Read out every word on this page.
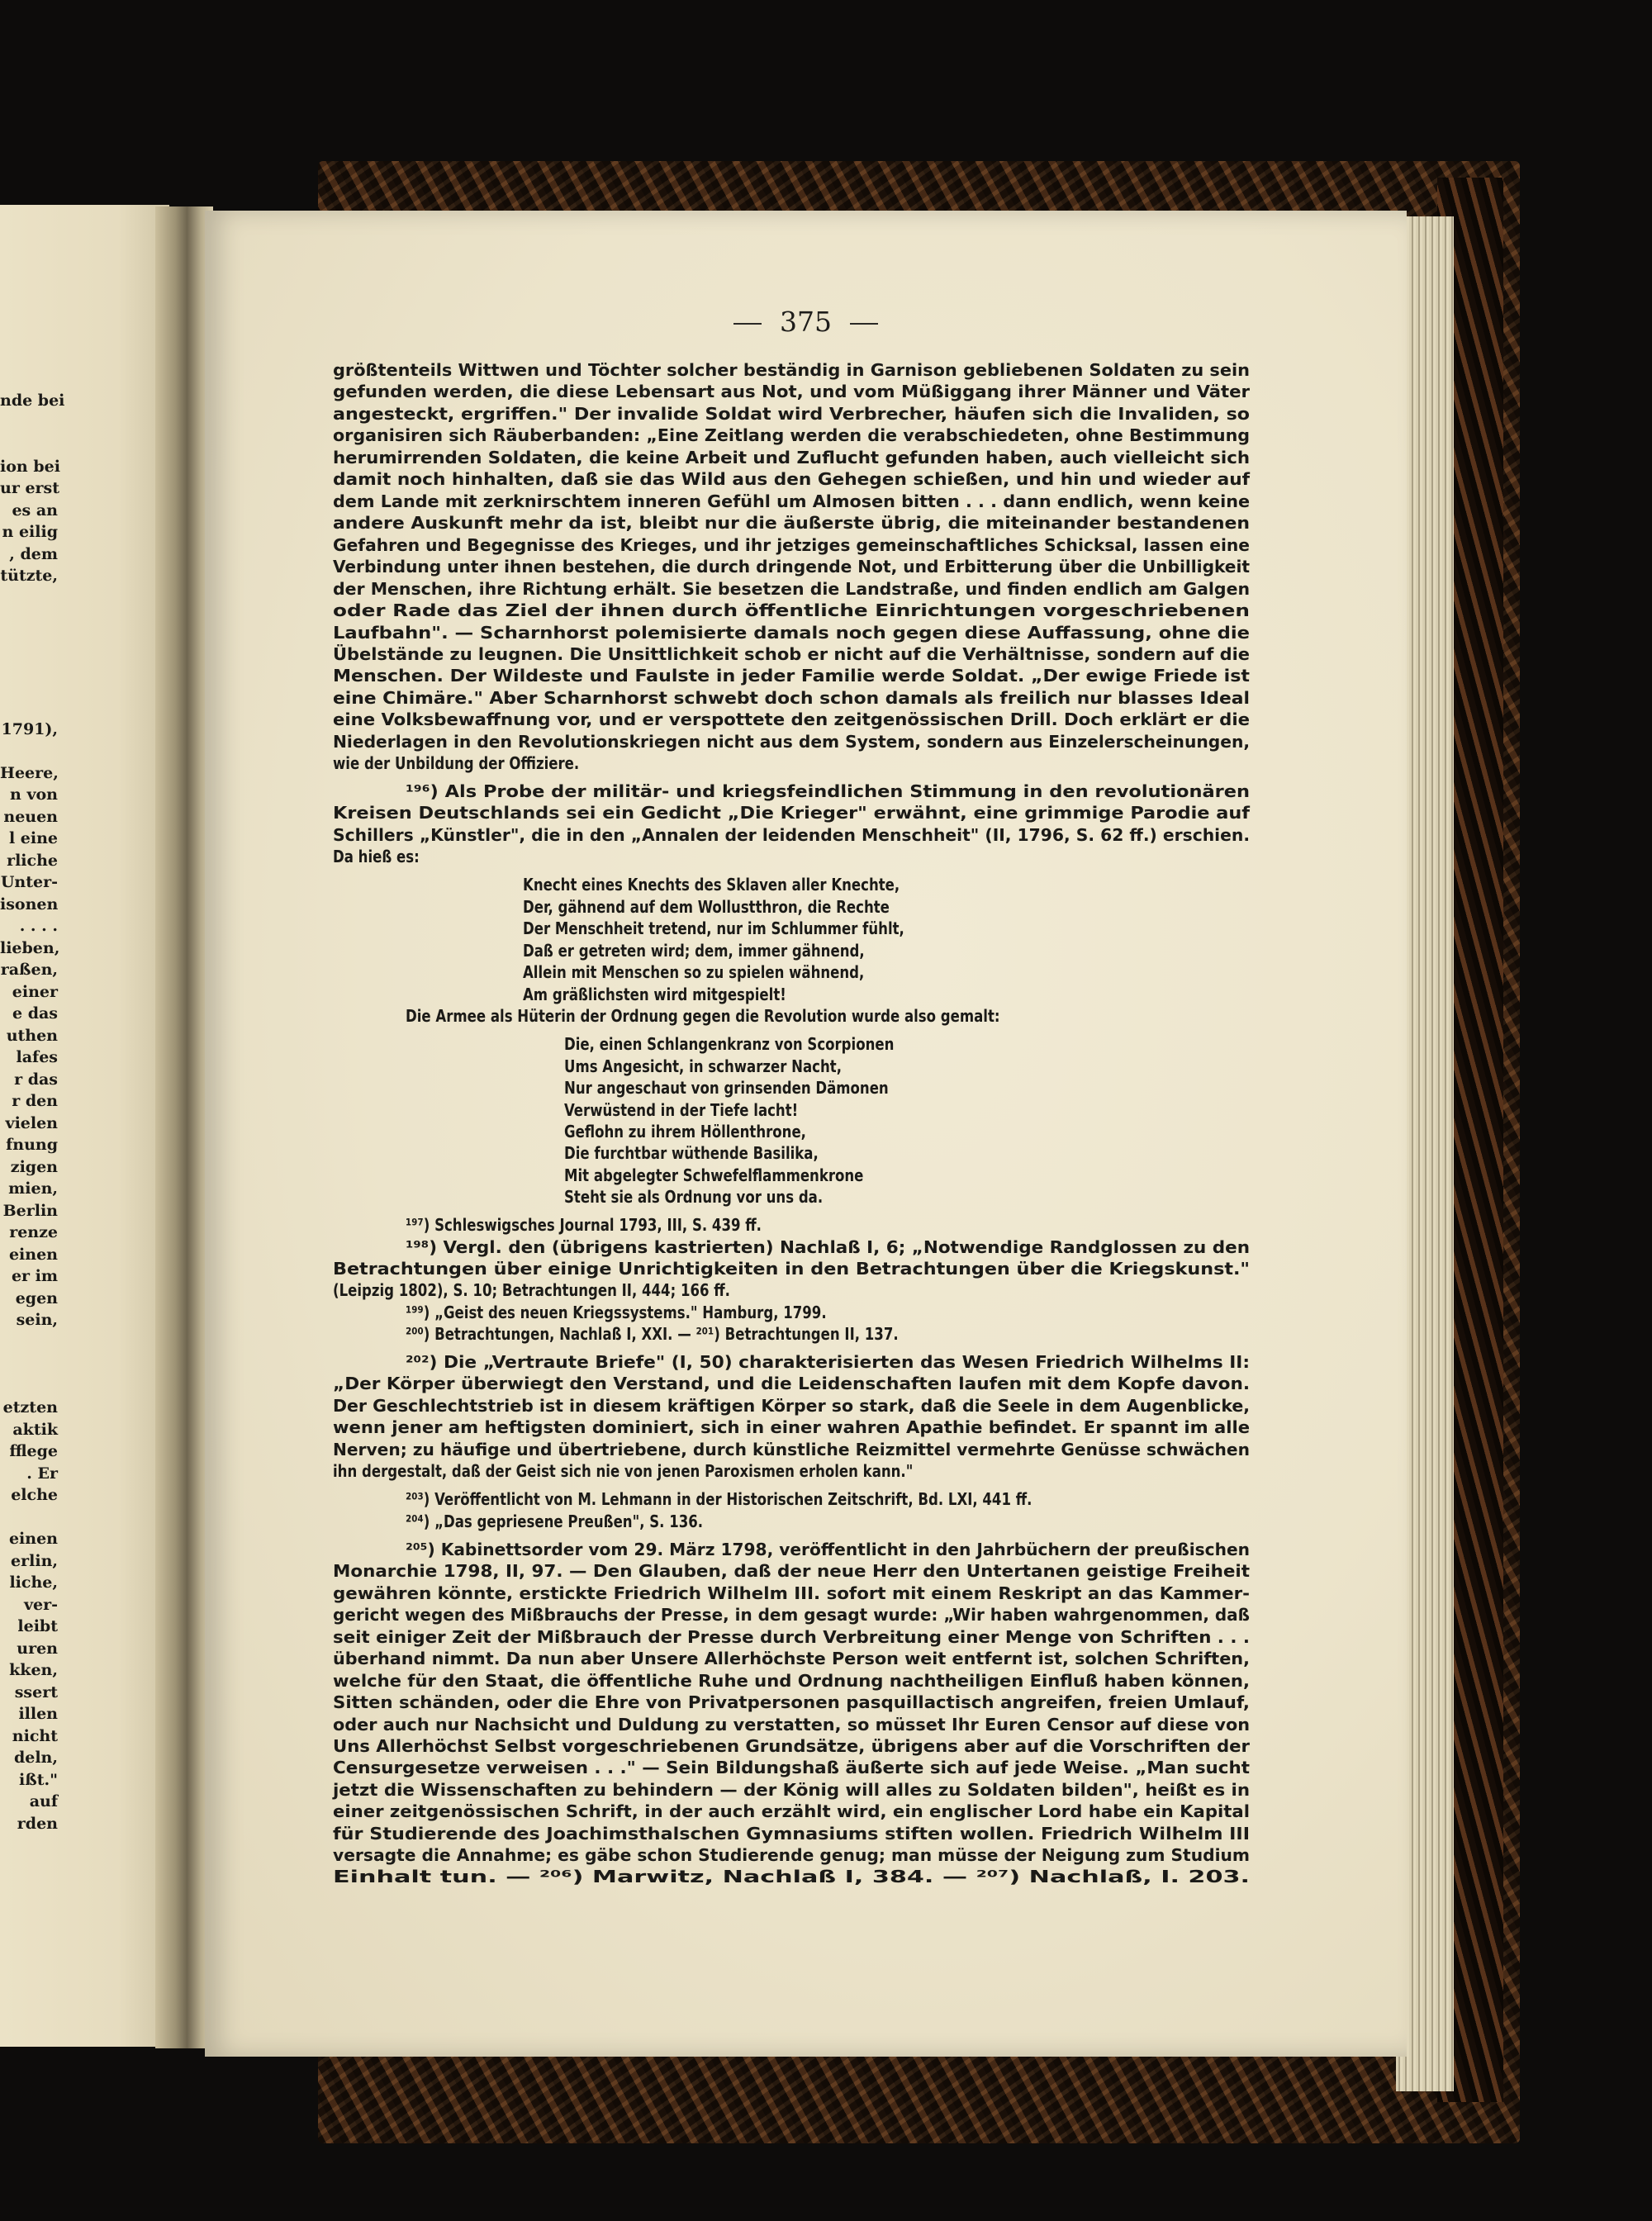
nde bei
ion bei
ur erst
es an
n eilig
, dem
tützte,
1791),
Heere,
n von
neuen
l eine
rliche
Unter-
isonen
. . . .
lieben,
raßen,
einer
e das
uthen
lafes
r das
r den
vielen
fnung
zigen
mien,
Berlin
renze
einen
er im
egen
sein,
etzten
aktik
fflege
. Er
elche
einen
erlin,
liche,
ver-
leibt
uren
kken,
ssert
illen
nicht
deln,
ißt."
auf
rden
375
größtenteils Wittwen und Töchter solcher beständig in Garnison gebliebenen Soldaten zu sein
gefunden werden, die diese Lebensart aus Not, und vom Müßiggang ihrer Männer und Väter
angesteckt, ergriffen." Der invalide Soldat wird Verbrecher, häufen sich die Invaliden, so
organisiren sich Räuberbanden: „Eine Zeitlang werden die verabschiedeten, ohne Bestimmung
herumirrenden Soldaten, die keine Arbeit und Zuflucht gefunden haben, auch vielleicht sich
damit noch hinhalten, daß sie das Wild aus den Gehegen schießen, und hin und wieder auf
dem Lande mit zerknirschtem inneren Gefühl um Almosen bitten . . . dann endlich, wenn keine
andere Auskunft mehr da ist, bleibt nur die äußerste übrig, die miteinander bestandenen
Gefahren und Begegnisse des Krieges, und ihr jetziges gemeinschaftliches Schicksal, lassen eine
Verbindung unter ihnen bestehen, die durch dringende Not, und Erbitterung über die Unbilligkeit
der Menschen, ihre Richtung erhält. Sie besetzen die Landstraße, und finden endlich am Galgen
oder Rade das Ziel der ihnen durch öffentliche Einrichtungen vorgeschriebenen
Laufbahn". — Scharnhorst polemisierte damals noch gegen diese Auffassung, ohne die
Übelstände zu leugnen. Die Unsittlichkeit schob er nicht auf die Verhältnisse, sondern auf die
Menschen. Der Wildeste und Faulste in jeder Familie werde Soldat. „Der ewige Friede ist
eine Chimäre." Aber Scharnhorst schwebt doch schon damals als freilich nur blasses Ideal
eine Volksbewaffnung vor, und er verspottete den zeitgenössischen Drill. Doch erklärt er die
Niederlagen in den Revolutionskriegen nicht aus dem System, sondern aus Einzelerscheinungen,
wie der Unbildung der Offiziere.
¹⁹⁶) Als Probe der militär- und kriegsfeindlichen Stimmung in den revolutionären
Kreisen Deutschlands sei ein Gedicht „Die Krieger" erwähnt, eine grimmige Parodie auf
Schillers „Künstler", die in den „Annalen der leidenden Menschheit" (II, 1796, S. 62 ff.) erschien.
Da hieß es:
Knecht eines Knechts des Sklaven aller Knechte,
Der, gähnend auf dem Wollustthron, die Rechte
Der Menschheit tretend, nur im Schlummer fühlt,
Daß er getreten wird; dem, immer gähnend,
Allein mit Menschen so zu spielen wähnend,
Am gräßlichsten wird mitgespielt!
Die Armee als Hüterin der Ordnung gegen die Revolution wurde also gemalt:
Die, einen Schlangenkranz von Scorpionen
Ums Angesicht, in schwarzer Nacht,
Nur angeschaut von grinsenden Dämonen
Verwüstend in der Tiefe lacht!
Geflohn zu ihrem Höllenthrone,
Die furchtbar wüthende Basilika,
Mit abgelegter Schwefelflammenkrone
Steht sie als Ordnung vor uns da.
¹⁹⁷) Schleswigsches Journal 1793, III, S. 439 ff.
¹⁹⁸) Vergl. den (übrigens kastrierten) Nachlaß I, 6; „Notwendige Randglossen zu den
Betrachtungen über einige Unrichtigkeiten in den Betrachtungen über die Kriegskunst."
(Leipzig 1802), S. 10; Betrachtungen II, 444; 166 ff.
¹⁹⁹) „Geist des neuen Kriegssystems." Hamburg, 1799.
²⁰⁰) Betrachtungen, Nachlaß I, XXI. — ²⁰¹) Betrachtungen II, 137.
²⁰²) Die „Vertraute Briefe" (I, 50) charakterisierten das Wesen Friedrich Wilhelms II:
„Der Körper überwiegt den Verstand, und die Leidenschaften laufen mit dem Kopfe davon.
Der Geschlechtstrieb ist in diesem kräftigen Körper so stark, daß die Seele in dem Augenblicke,
wenn jener am heftigsten dominiert, sich in einer wahren Apathie befindet. Er spannt im alle
Nerven; zu häufige und übertriebene, durch künstliche Reizmittel vermehrte Genüsse schwächen
ihn dergestalt, daß der Geist sich nie von jenen Paroxismen erholen kann."
²⁰³) Veröffentlicht von M. Lehmann in der Historischen Zeitschrift, Bd. LXI, 441 ff.
²⁰⁴) „Das gepriesene Preußen", S. 136.
²⁰⁵) Kabinettsorder vom 29. März 1798, veröffentlicht in den Jahrbüchern der preußischen
Monarchie 1798, II, 97. — Den Glauben, daß der neue Herr den Untertanen geistige Freiheit
gewähren könnte, erstickte Friedrich Wilhelm III. sofort mit einem Reskript an das Kammer-
gericht wegen des Mißbrauchs der Presse, in dem gesagt wurde: „Wir haben wahrgenommen, daß
seit einiger Zeit der Mißbrauch der Presse durch Verbreitung einer Menge von Schriften . . .
überhand nimmt. Da nun aber Unsere Allerhöchste Person weit entfernt ist, solchen Schriften,
welche für den Staat, die öffentliche Ruhe und Ordnung nachtheiligen Einfluß haben können,
Sitten schänden, oder die Ehre von Privatpersonen pasquillactisch angreifen, freien Umlauf,
oder auch nur Nachsicht und Duldung zu verstatten, so müsset Ihr Euren Censor auf diese von
Uns Allerhöchst Selbst vorgeschriebenen Grundsätze, übrigens aber auf die Vorschriften der
Censurgesetze verweisen . . ." — Sein Bildungshaß äußerte sich auf jede Weise. „Man sucht
jetzt die Wissenschaften zu behindern — der König will alles zu Soldaten bilden", heißt es in
einer zeitgenössischen Schrift, in der auch erzählt wird, ein englischer Lord habe ein Kapital
für Studierende des Joachimsthalschen Gymnasiums stiften wollen. Friedrich Wilhelm III
versagte die Annahme; es gäbe schon Studierende genug; man müsse der Neigung zum Studium
Einhalt tun. — ²⁰⁶) Marwitz, Nachlaß I, 384. — ²⁰⁷) Nachlaß, I. 203.
